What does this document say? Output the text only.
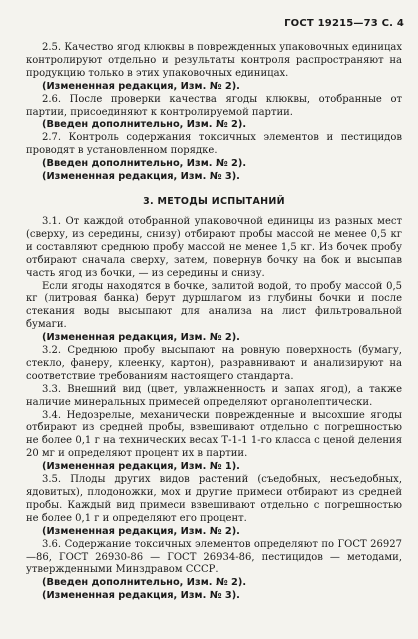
ГОСТ 19215—73 С. 4

2.5. Качество ягод клюквы в поврежденных упаковочных единицах контролируют отдельно и результаты контроля распространяют на продукцию только в этих упаковочных единицах.

(Измененная редакция, Изм. № 2).

2.6. После проверки качества ягоды клюквы, отобранные от партии, присоединяют к контролируемой партии.

(Введен дополнительно, Изм. № 2).

2.7. Контроль содержания токсичных элементов и пестицидов проводят в установленном порядке.

(Введен дополнительно, Изм. № 2).

(Измененная редакция, Изм. № 3).

3. МЕТОДЫ ИСПЫТАНИЙ

3.1. От каждой отобранной упаковочной единицы из разных мест (сверху, из середины, снизу) отбирают пробы массой не менее 0,5 кг и составляют среднюю пробу массой не менее 1,5 кг. Из бочек пробу отбирают сначала сверху, затем, повернув бочку на бок и высыпав часть ягод из бочки, — из середины и снизу.

Если ягоды находятся в бочке, залитой водой, то пробу массой 0,5 кг (литровая банка) берут дуршлагом из глубины бочки и после стекания воды высыпают для анализа на лист фильтровальной бумаги.

(Измененная редакция, Изм. № 2).

3.2. Среднюю пробу высыпают на ровную поверхность (бумагу, стекло, фанеру, клеенку, картон), разравнивают и анализируют на соответствие требованиям настоящего стандарта.

3.3. Внешний вид (цвет, увлажненность и запах ягод), а также наличие минеральных примесей определяют органолептически.

3.4. Недозрелые, механически поврежденные и высохшие ягоды отбирают из средней пробы, взвешивают отдельно с погрешностью не более 0,1 г на технических весах Т-1-1 1-го класса с ценой деления 20 мг и определяют процент их в партии.

(Измененная редакция, Изм. № 1).

3.5. Плоды других видов растений (съедобных, несъедобных, ядовитых), плодоножки, мох и другие примеси отбирают из средней пробы. Каждый вид примеси взвешивают отдельно с погрешностью не более 0,1 г и определяют его процент.

(Измененная редакция, Изм. № 2).

3.6. Содержание токсичных элементов определяют по ГОСТ 26927—86, ГОСТ 26930-86 — ГОСТ 26934-86, пестицидов — методами, утвержденными Минздравом СССР.

(Введен дополнительно, Изм. № 2).

(Измененная редакция, Изм. № 3).
